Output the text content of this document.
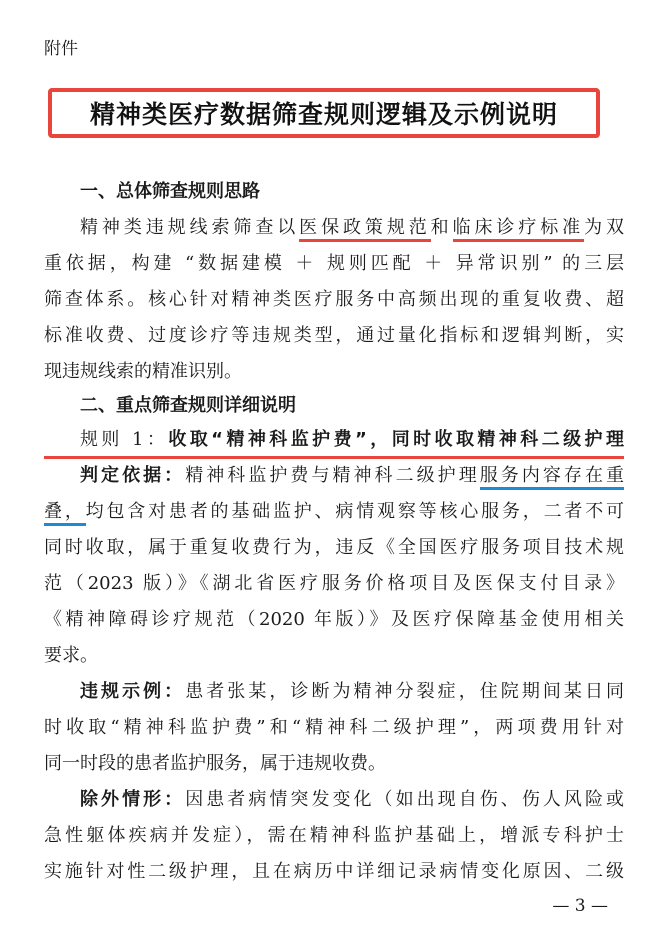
附件
精神类医疗数据筛查规则逻辑及示例说明
一、总体筛查规则思路
精神类违规线索筛查以医保政策规范和临床诊疗标准为双
重依据，构建 “数据建模 ＋ 规则匹配 ＋ 异常识别” 的三层
筛查体系。核心针对精神类医疗服务中高频出现的重复收费、超
标准收费、过度诊疗等违规类型，通过量化指标和逻辑判断，实
现违规线索的精准识别。
二、重点筛查规则详细说明
规则 1：收取“精神科监护费”，同时收取精神科二级护理
判定依据：精神科监护费与精神科二级护理服务内容存在重
叠，均包含对患者的基础监护、病情观察等核心服务，二者不可
同时收取，属于重复收费行为，违反《全国医疗服务项目技术规
范（2023 版）》《湖北省医疗服务价格项目及医保支付目录》
《精神障碍诊疗规范（2020 年版）》及医疗保障基金使用相关
要求。
违规示例：患者张某，诊断为精神分裂症，住院期间某日同
时收取“精神科监护费”和“精神科二级护理”，两项费用针对
同一时段的患者监护服务，属于违规收费。
除外情形：因患者病情突发变化（如出现自伤、伤人风险或
急性躯体疾病并发症），需在精神科监护基础上，增派专科护士
实施针对性二级护理，且在病历中详细记录病情变化原因、二级
— 3 —
